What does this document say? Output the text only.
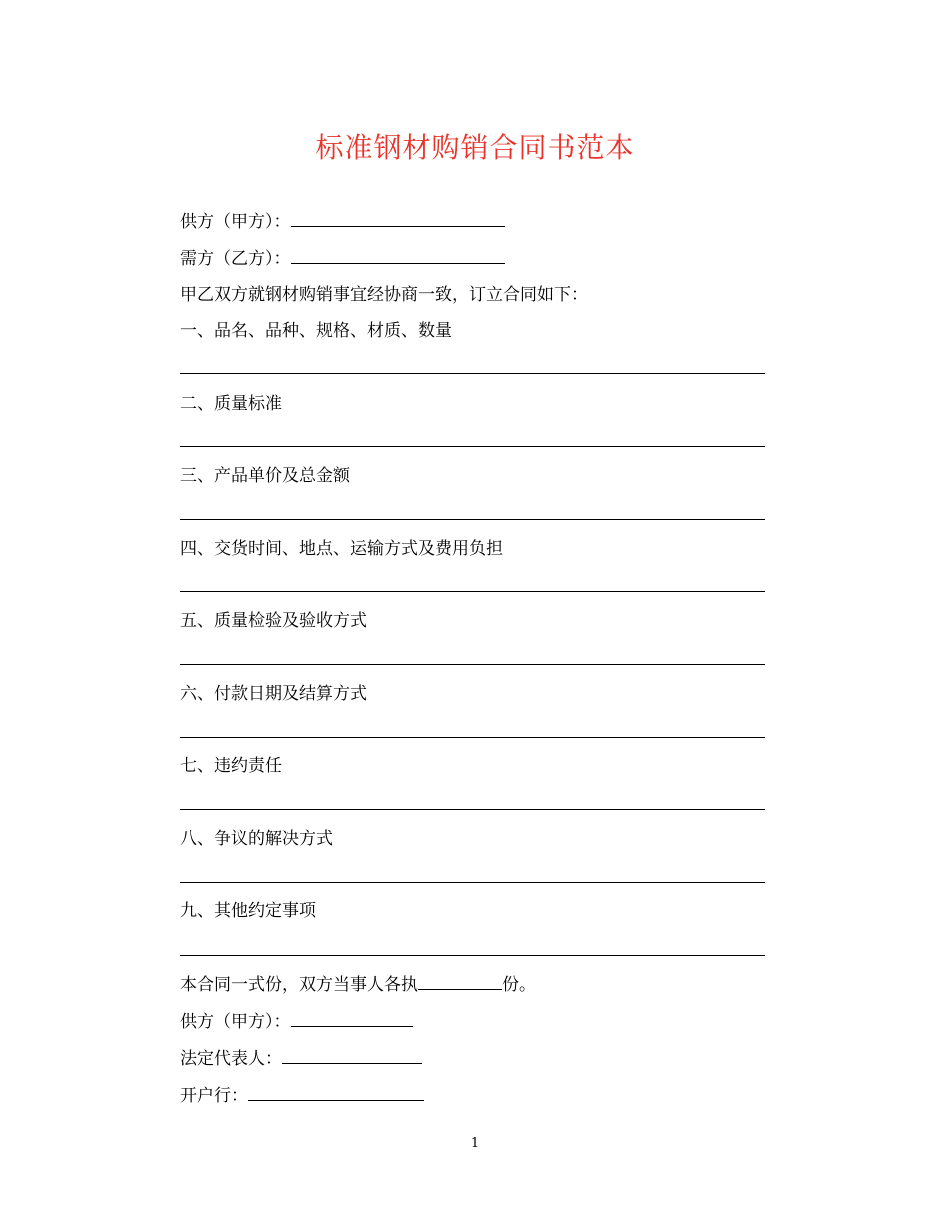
标准钢材购销合同书范本
供方（甲方）：
需方（乙方）：
甲乙双方就钢材购销事宜经协商一致，订立合同如下：
一、品名、品种、规格、材质、数量
二、质量标准
三、产品单价及总金额
四、交货时间、地点、运输方式及费用负担
五、质量检验及验收方式
六、付款日期及结算方式
七、违约责任
八、争议的解决方式
九、其他约定事项
本合同一式份，双方当事人各执	份。
供方（甲方）：
法定代表人：
开户行：
1
